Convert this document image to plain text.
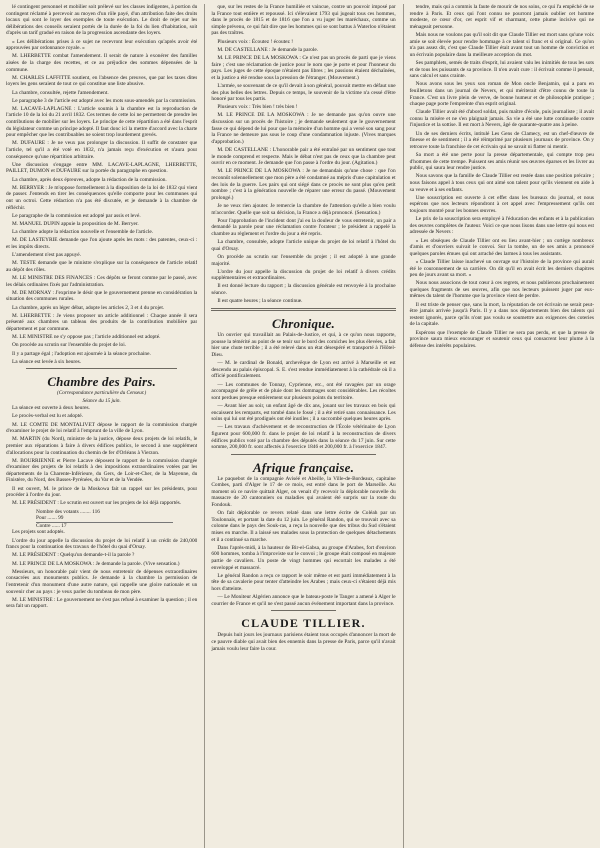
lé contingent personnel et mobilier soit prélevé sur les classes indigentes, à portion du contingent réclamé à percevoir au moyen d'un rôle payé, d'un attribution faite des droits locaux qui sont le loyer des exemples de toute exécution. Le droit de rejet sur les délibérations des conseils seraient portés de la durée de la foi du lien d'habitation, soit d'après un tarif gradué en raison de la progression ascendante des loyers.

« Les délibérations prises à ce sujet ne recevront leur exécution qu'après avoir été approuvées par ordonnance royale. »

M. LHERBETTE combat l'amendement. Il serait de nature à exonérer des familles aisées de la charge des recettes, et ce au préjudice des sommes dépensées de la commune.

M. CHARLES LAFFITTE soutient, en l'absence des preuves, que par les taxes dites loyers les gens seraient de tout ce qui constitue une liste abusive.

La chambre, consultée, rejette l'amendement.

Le paragraphe 3 de l'article est adopté avec les mots sous-amendés par la commission.

M. LACAVE-LAPLAGNE : L'article soumis à la chambre est la reproduction de l'article 10 de la loi du 21 avril 1832. Ces termes de cette loi ne permettent de prendre les contributions de mobilier sur les loyers. Le principe de cette répartition a été dans l'esprit du législateur comme un principe adopté. Il faut donc ici la mettre d'accord avec la charte pour empêcher que les contribuables ne soient trop lourdement grevés.

M. DUFAURE : Je ne veux pas prolonger la discussion. Il suffit de constater que l'article, tel qu'il a été voté en 1832, n'a jamais reçu d'exécution et n'aura pour conséquence qu'une répartition arbitraire.

Une discussion s'engage entre MM. LACAVE-LAPLAGNE, LHERBETTE, PAILLET, DUMON et DUFAURE sur la portée du paragraphe en question.

La chambre, après deux épreuves, adopte la rédaction de la commission.

M. BERRYER : Je m'oppose formellement à la disposition de la loi de 1832 qui vient de passer. J'entends en tirer les conséquences qu'elle comporte pour les communes qui ont un octroi. Cette rédaction n'a pas été discutée, et je demande à la chambre de réfléchir.

Le paragraphe de la commission est adopté par assis et levé.

M. MANUEL DUPIN appuie la proposition de M. Berryer.

La chambre adopte la rédaction nouvelle et l'ensemble de l'article.

M. DE LASTEYRIE demande que l'on ajoute après les mots : des patentes, ceux-ci : et les impôts directs.

L'amendement n'est pas appuyé.

M. TESTE demande que le ministre s'explique sur la conséquence de l'article relatif au dépôt des rôles.

M. LE MINISTRE DES FINANCES : Ces dépôts se feront comme par le passé, avec les délais ordinaires fixés par l'administration.

M. DE MORNAY : J'exprime le désir que le gouvernement prenne en considération la situation des communes rurales.

La chambre, après un léger débat, adopte les articles 2, 3 et 4 du projet.

M. LHERBETTE : Je viens proposer un article additionnel : Chaque année il sera présenté aux chambres un tableau des produits de la contribution mobilière par département et par commune.

M. LE MINISTRE ne s'y oppose pas ; l'article additionnel est adopté.

On procède au scrutin sur l'ensemble du projet de loi.

Il y a partage égal ; l'adoption est ajournée à la séance prochaine.

La séance est levée à six heures.

Chambre des Pairs.
(Correspondance particulière du Censeur.)
Séance du 15 juin.

La séance est ouverte à deux heures.

Le procès-verbal est lu et adopté.

M. LE COMTE DE MONTALIVET dépose le rapport de la commission chargée d'examiner le projet de loi relatif à l'emprunt de la ville de Lyon.

M. MARTIN (du Nord), ministre de la justice, dépose deux projets de loi relatifs, le premier aux réparations à faire à divers édifices publics, le second à une supplément d'allocations pour la continuation du chemin de fer d'Orléans à Vierzon.

M. BOURRIENNE et Pierre Lacave déposent le rapport de la commission chargée d'examiner des projets de loi relatifs à des impositions extraordinaires votées par les départements de la Charente-Inférieure, du Gers, de Loir-et-Cher, de la Mayenne, du Finistère, du Nord, des Basses-Pyrénées, du Var et de la Vendée.

Il est ouvert, M. le prince de la Moskowa fait un rappel sur les présidents, pour procéder à l'ordre du jour.

M. LE PRÉSIDENT : Le scrutin est ouvert sur les projets de loi déjà rapportés.

Nombre des votants ........ 116
Pour ....... 99
Contre ...... 17

Les projets sont adoptés.

L'ordre du jour appelle la discussion du projet de loi relatif à un crédit de 240,000 francs pour la continuation des travaux de l'hôtel du quai d'Orsay.

M. LE PRÉSIDENT : Quelqu'un demande-t-il la parole ?

M. LE PRINCE DE LA MOSKOWA : Je demande la parole. (Vive sensation.)

Messieurs, un honorable pair vient de nous entretenir de dépenses extraordinaires consacrées aux monuments publics. Je demande à la chambre la permission de l'entretenir d'un monument d'une autre nature, qui rappelle une gloire nationale et un souvenir cher au pays : je veux parler du tombeau de mon père.

M. LE MINISTRE : Le gouvernement ne s'est pas refusé à examiner la question ; il en sera fait un rapport.

que, sur les restes de la France humiliée et vaincue, contre un pouvoir imposé par la France tout entière et repoussé. Ici s'élevaient 1793 qui jugeait tous ces hommes, dans le procès de 1815 et de 1816 que l'on a vu juger les maréchaux, comme un simple prévenu, ce qui fait dire que les hommes qui se sont battus à Waterloo n'étaient pas des traîtres.

Plusieurs voix : Écoutez ! écoutez !

M. DE CASTELLANE : Je demande la parole.

M. LE PRINCE DE LA MOSKOWA : Ce n'est pas un procès de parti que je viens faire ; c'est une réclamation de justice pour le nom que je porte et pour l'honneur du pays. Les juges de cette époque n'étaient pas libres ; les passions étaient déchaînées, et la justice a été rendue sous la pression de l'étranger. (Mouvement.)

L'armée, se souvenant de ce qu'il devait à son général, pouvait mettre en défaut une des plus belles des lettres. Depuis ce temps, le souvenir de la victime n'a cessé d'être honoré par tous les partis.

Plusieurs voix : Très bien ! très bien !

M. LE PRINCE DE LA MOSKOWA : Je ne demande pas qu'on ouvre une discussion sur un procès de l'histoire ; je demande seulement que le gouvernement fasse ce qui dépend de lui pour que la mémoire d'un homme qui a versé son sang pour la France ne demeure pas sous le coup d'une condamnation injuste. (Vives marques d'approbation.)

M. DE CASTELLANE : L'honorable pair a été entraîné par un sentiment que tout le monde comprend et respecte. Mais le débat n'est pas de ceux que la chambre peut ouvrir en ce moment. Je demande que l'on passe à l'ordre du jour. (Agitation.)

M. LE PRINCE DE LA MOSKOWA : Je ne demandais qu'une chose : que l'on reconnût solennellement que mon père a été condamné au mépris d'une capitulation et des lois de la guerre. Les pairs qui ont siégé dans ce procès ne sont plus qu'en petit nombre ; c'est à la génération nouvelle de réparer une erreur du passé. (Mouvement prolongé.)

Je ne veux rien ajouter. Je remercie la chambre de l'attention qu'elle a bien voulu m'accorder. Quelle que soit sa décision, la France a déjà prononcé. (Sensation.)

Pour l'approbation de l'incident dont j'ai eu la douleur de vous entretenir, un pair a demandé la parole pour une réclamation contre l'orateur ; le président a rappelé la chambre au règlement et l'ordre du jour a été repris.

La chambre, consultée, adopte l'article unique du projet de loi relatif à l'hôtel du quai d'Orsay.

On procède au scrutin sur l'ensemble du projet ; il est adopté à une grande majorité.

L'ordre du jour appelle la discussion du projet de loi relatif à divers crédits supplémentaires et extraordinaires.

Il est donné lecture du rapport ; la discussion générale est renvoyée à la prochaine séance.

Il est quatre heures ; la séance continue.

Chronique.

Un ouvrier qui travaillait au Palais-de-Justice, et qui, à ce qu'on nous rapporte, pousse la témérité au point de se tenir sur le bord des corniches les plus élevées, a fait hier une chute terrible ; il a été relevé dans un état désespéré et transporté à l'Hôtel-Dieu.

— M. le cardinal de Bonald, archevêque de Lyon est arrivé à Marseille et est descendu au palais épiscopal. S. E. s'est rendue immédiatement à la cathédrale où il a officié pontificalement.

— Les communes de Tonnay, Cyprienne, etc., ont été ravagées par un orage accompagné de grêle et de pluie dont les dommages sont considérables. Les récoltes sont perdues presque entièrement sur plusieurs points du territoire.

— Avant hier au soir, un enfant âgé de dix ans, jouant sur les travaux en bois qui encaissent les remparts, est tombé dans le fossé ; il a été retiré sans connaissance. Les soins qui lui ont été prodigués ont été inutiles ; il a succombé quelques heures après.

— Les travaux d'achèvement et de reconstruction de l'École vétérinaire de Lyon figurent pour 600,000 fr. dans le projet de loi relatif à la reconstruction de divers édifices publics voté par la chambre des députés dans la séance du 17 juin. Sur cette somme, 200,000 fr. sont affectés à l'exercice 1846 et 200,000 fr. à l'exercice 1847.

Afrique française.

Le paquebot de la compagnie Aviséé et Abeille, la Ville-de-Bordeaux, capitaine Combes, parti d'Alger le 17 de ce mois, est entré dans le port de Marseille. Au moment où ce navire quittait Alger, on venait d'y recevoir la déplorable nouvelle du massacre de 20 cantonniers ou maladies qui avaient été surpris sur la route du Fondouk.

On fait déplorable ce revers relaté dans une lettre écrite de Coléah par un Toulonnais, et portant la date du 12 juin. Le général Randon, qui se trouvait avec sa colonne dans le pays des Souk-ras, a reçu la nouvelle que des tribus du Sud s'étaient mises en marche. Il a laissé ses malades sous la protection de quelques détachements et il a continué sa marche.

Dans l'après-midi, à la hauteur de Bir-el-Gabsa, au groupe d'Arabes, fort d'environ 600 hommes, tomba à l'improviste sur le convoi ; le groupe était composé en majeure partie de cavaliers. Un poste de vingt hommes qui escortait les malades a été enveloppé et massacré.

Le général Randon a reçu ce rapport le soir même et est parti immédiatement à la tête de sa cavalerie pour tenter d'atteindre les Arabes ; mais ceux-ci s'étaient déjà mis hors d'atteinte.

— Le Moniteur Algérien annonce que le bateau-poste le Tanger a amené à Alger le courrier de France et qu'il ne s'est passé aucun événement important dans la province.

CLAUDE TILLIER.

Depuis huit jours les journaux parisiens étaient tous occupés d'annoncer la mort de ce pauvre diable qui avait bien des ennemis dans la presse de Paris, parce qu'il n'avait jamais voulu leur faire la cour.

tendre, mais qui a commis la faute de mourir de nos soins, ce qui l'a empêché de se rendre à Paris. Et ceux qui l'ont connu ne pourront jamais oublier cet homme modeste, ce cœur d'or, cet esprit vif et charmant, cette plume incisive qui ne ménageait personne.

Mais nous ne voulons pas qu'il soit dit que Claude Tillier est mort sans qu'une voix amie se soit élevée pour rendre hommage à ce talent si franc et si original. Ce qu'on n'a pas assez dit, c'est que Claude Tillier était avant tout un homme de conviction et un écrivain populaire dans la meilleure acception du mot.

Ses pamphlets, semés de traits d'esprit, lui avaient valu les inimitiés de tous les sots et de tous les puissants de sa province. Il n'en avait cure : il écrivait comme il pensait, sans calcul et sans crainte.

Nous avons sous les yeux son roman de Mon oncle Benjamin, qui a paru en feuilletons dans un journal de Nevers, et qui mériterait d'être connu de toute la France. C'est un livre plein de verve, de bonne humeur et de philosophie pratique ; chaque page porte l'empreinte d'un esprit original.

Claude Tillier avait été d'abord soldat, puis maître d'école, puis journaliste ; il avait connu la misère et ne s'en plaignait jamais. Sa vie a été une lutte continuelle contre l'injustice et la sottise. Il est mort à Nevers, âgé de quarante-quatre ans à peine.

Un de ses derniers écrits, intitulé Les Gens de Clamecy, est un chef-d'œuvre de finesse et de sentiment ; il a été réimprimé par plusieurs journaux de province. On y retrouve toute la franchise de cet écrivain qui ne savait ni flatter ni mentir.

Sa mort a été une perte pour la presse départementale, qui compte trop peu d'hommes de cette trempe. Puissent ses amis réunir ses œuvres éparses et les livrer au public, qui saura leur rendre justice.

Nous savons que la famille de Claude Tillier est restée dans une position précaire ; nous faisons appel à tous ceux qui ont aimé son talent pour qu'ils viennent en aide à sa veuve et à ses enfants.

Une souscription est ouverte à cet effet dans les bureaux du journal, et nous espérons que nos lecteurs répondront à cet appel avec l'empressement qu'ils ont toujours montré pour les bonnes œuvres.

Le prix de la souscription sera employé à l'éducation des enfants et à la publication des œuvres complètes de l'auteur. Voici ce que nous lisons dans une lettre qui nous est adressée de Nevers :

« Les obsèques de Claude Tillier ont eu lieu avant-hier ; un cortège nombreux d'amis et d'ouvriers suivait le convoi. Sur la tombe, un de ses amis a prononcé quelques paroles émues qui ont arraché des larmes à tous les assistants.

« Claude Tillier laisse inachevé un ouvrage sur l'histoire de la province qui aurait été le couronnement de sa carrière. On dit qu'il en avait écrit les derniers chapitres peu de jours avant sa mort. »

Nous nous associons de tout cœur à ces regrets, et nous publierons prochainement quelques fragments de ses œuvres, afin que nos lecteurs puissent juger par eux-mêmes du talent de l'homme que la province vient de perdre.

Il est triste de penser que, sans la mort, la réputation de cet écrivain ne serait peut-être jamais arrivée jusqu'à Paris. Il y a dans nos départements bien des talents qui restent ignorés, parce qu'ils n'ont pas voulu se soumettre aux exigences des coteries de la capitale.

Espérons que l'exemple de Claude Tillier ne sera pas perdu, et que la presse de province saura mieux encourager et soutenir ceux qui consacrent leur plume à la défense des intérêts populaires.
